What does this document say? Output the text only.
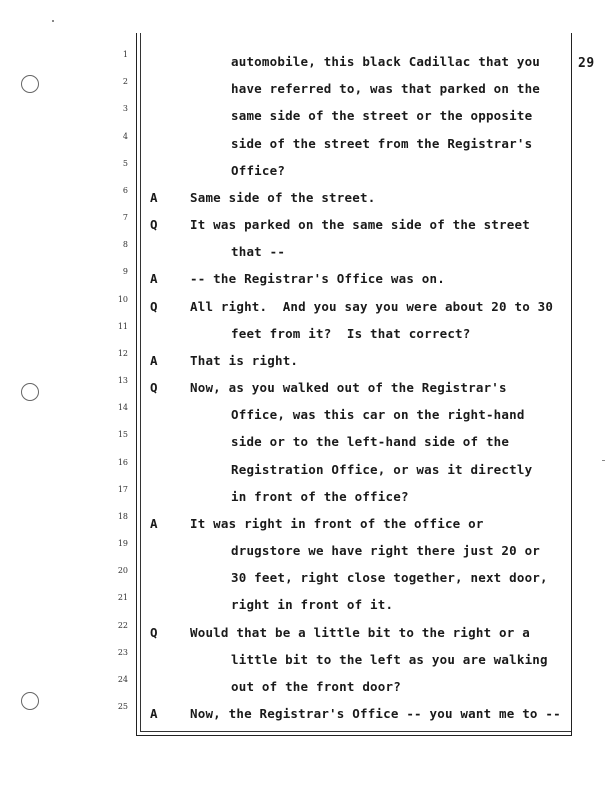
29
1	automobile, this black Cadillac that you
2	have referred to, was that parked on the
3	same side of the street or the opposite
4	side of the street from the Registrar's
5	Office?
6 A	Same side of the street.
7 Q	It was parked on the same side of the street
8	that --
9 A	-- the Registrar's Office was on.
10 Q	All right.  And you say you were about 20 to 30
11	feet from it?  Is that correct?
12 A	That is right.
13 Q	Now, as you walked out of the Registrar's
14	Office, was this car on the right-hand
15	side or to the left-hand side of the
16	Registration Office, or was it directly
17	in front of the office?
18 A	It was right in front of the office or
19	drugstore we have right there just 20 or
20	30 feet, right close together, next door,
21	right in front of it.
22 Q	Would that be a little bit to the right or a
23	little bit to the left as you are walking
24	out of the front door?
25 A	Now, the Registrar's Office -- you want me to --
